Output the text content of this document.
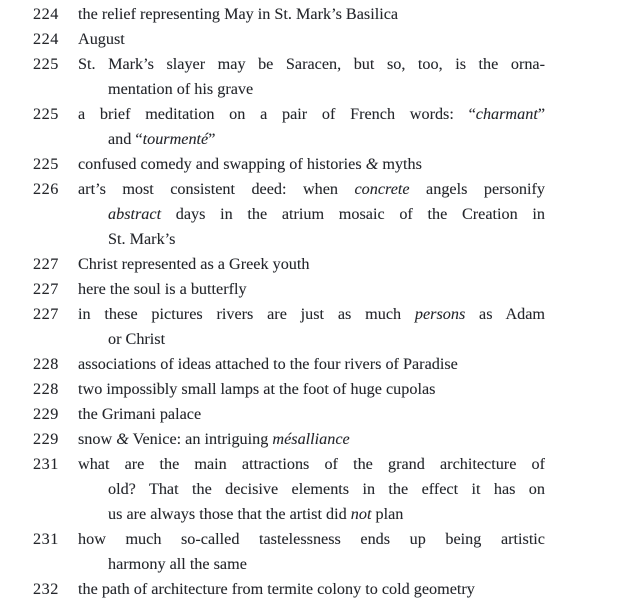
224	the relief representing May in St. Mark’s Basilica
224	August
225	St. Mark’s slayer may be Saracen, but so, too, is the orna-
mentation of his grave
225	a brief meditation on a pair of French words: “charmant”
and “tourmenté”
225	confused comedy and swapping of histories & myths
226	art’s most consistent deed: when concrete angels personify
abstract days in the atrium mosaic of the Creation in
St. Mark’s
227	Christ represented as a Greek youth
227	here the soul is a butterfly
227	in these pictures rivers are just as much persons as Adam
or Christ
228	associations of ideas attached to the four rivers of Paradise
228	two impossibly small lamps at the foot of huge cupolas
229	the Grimani palace
229	snow & Venice: an intriguing mésalliance
231	what are the main attractions of the grand architecture of
old? That the decisive elements in the effect it has on
us are always those that the artist did not plan
231	how much so-called tastelessness ends up being artistic
harmony all the same
232	the path of architecture from termite colony to cold geometry
